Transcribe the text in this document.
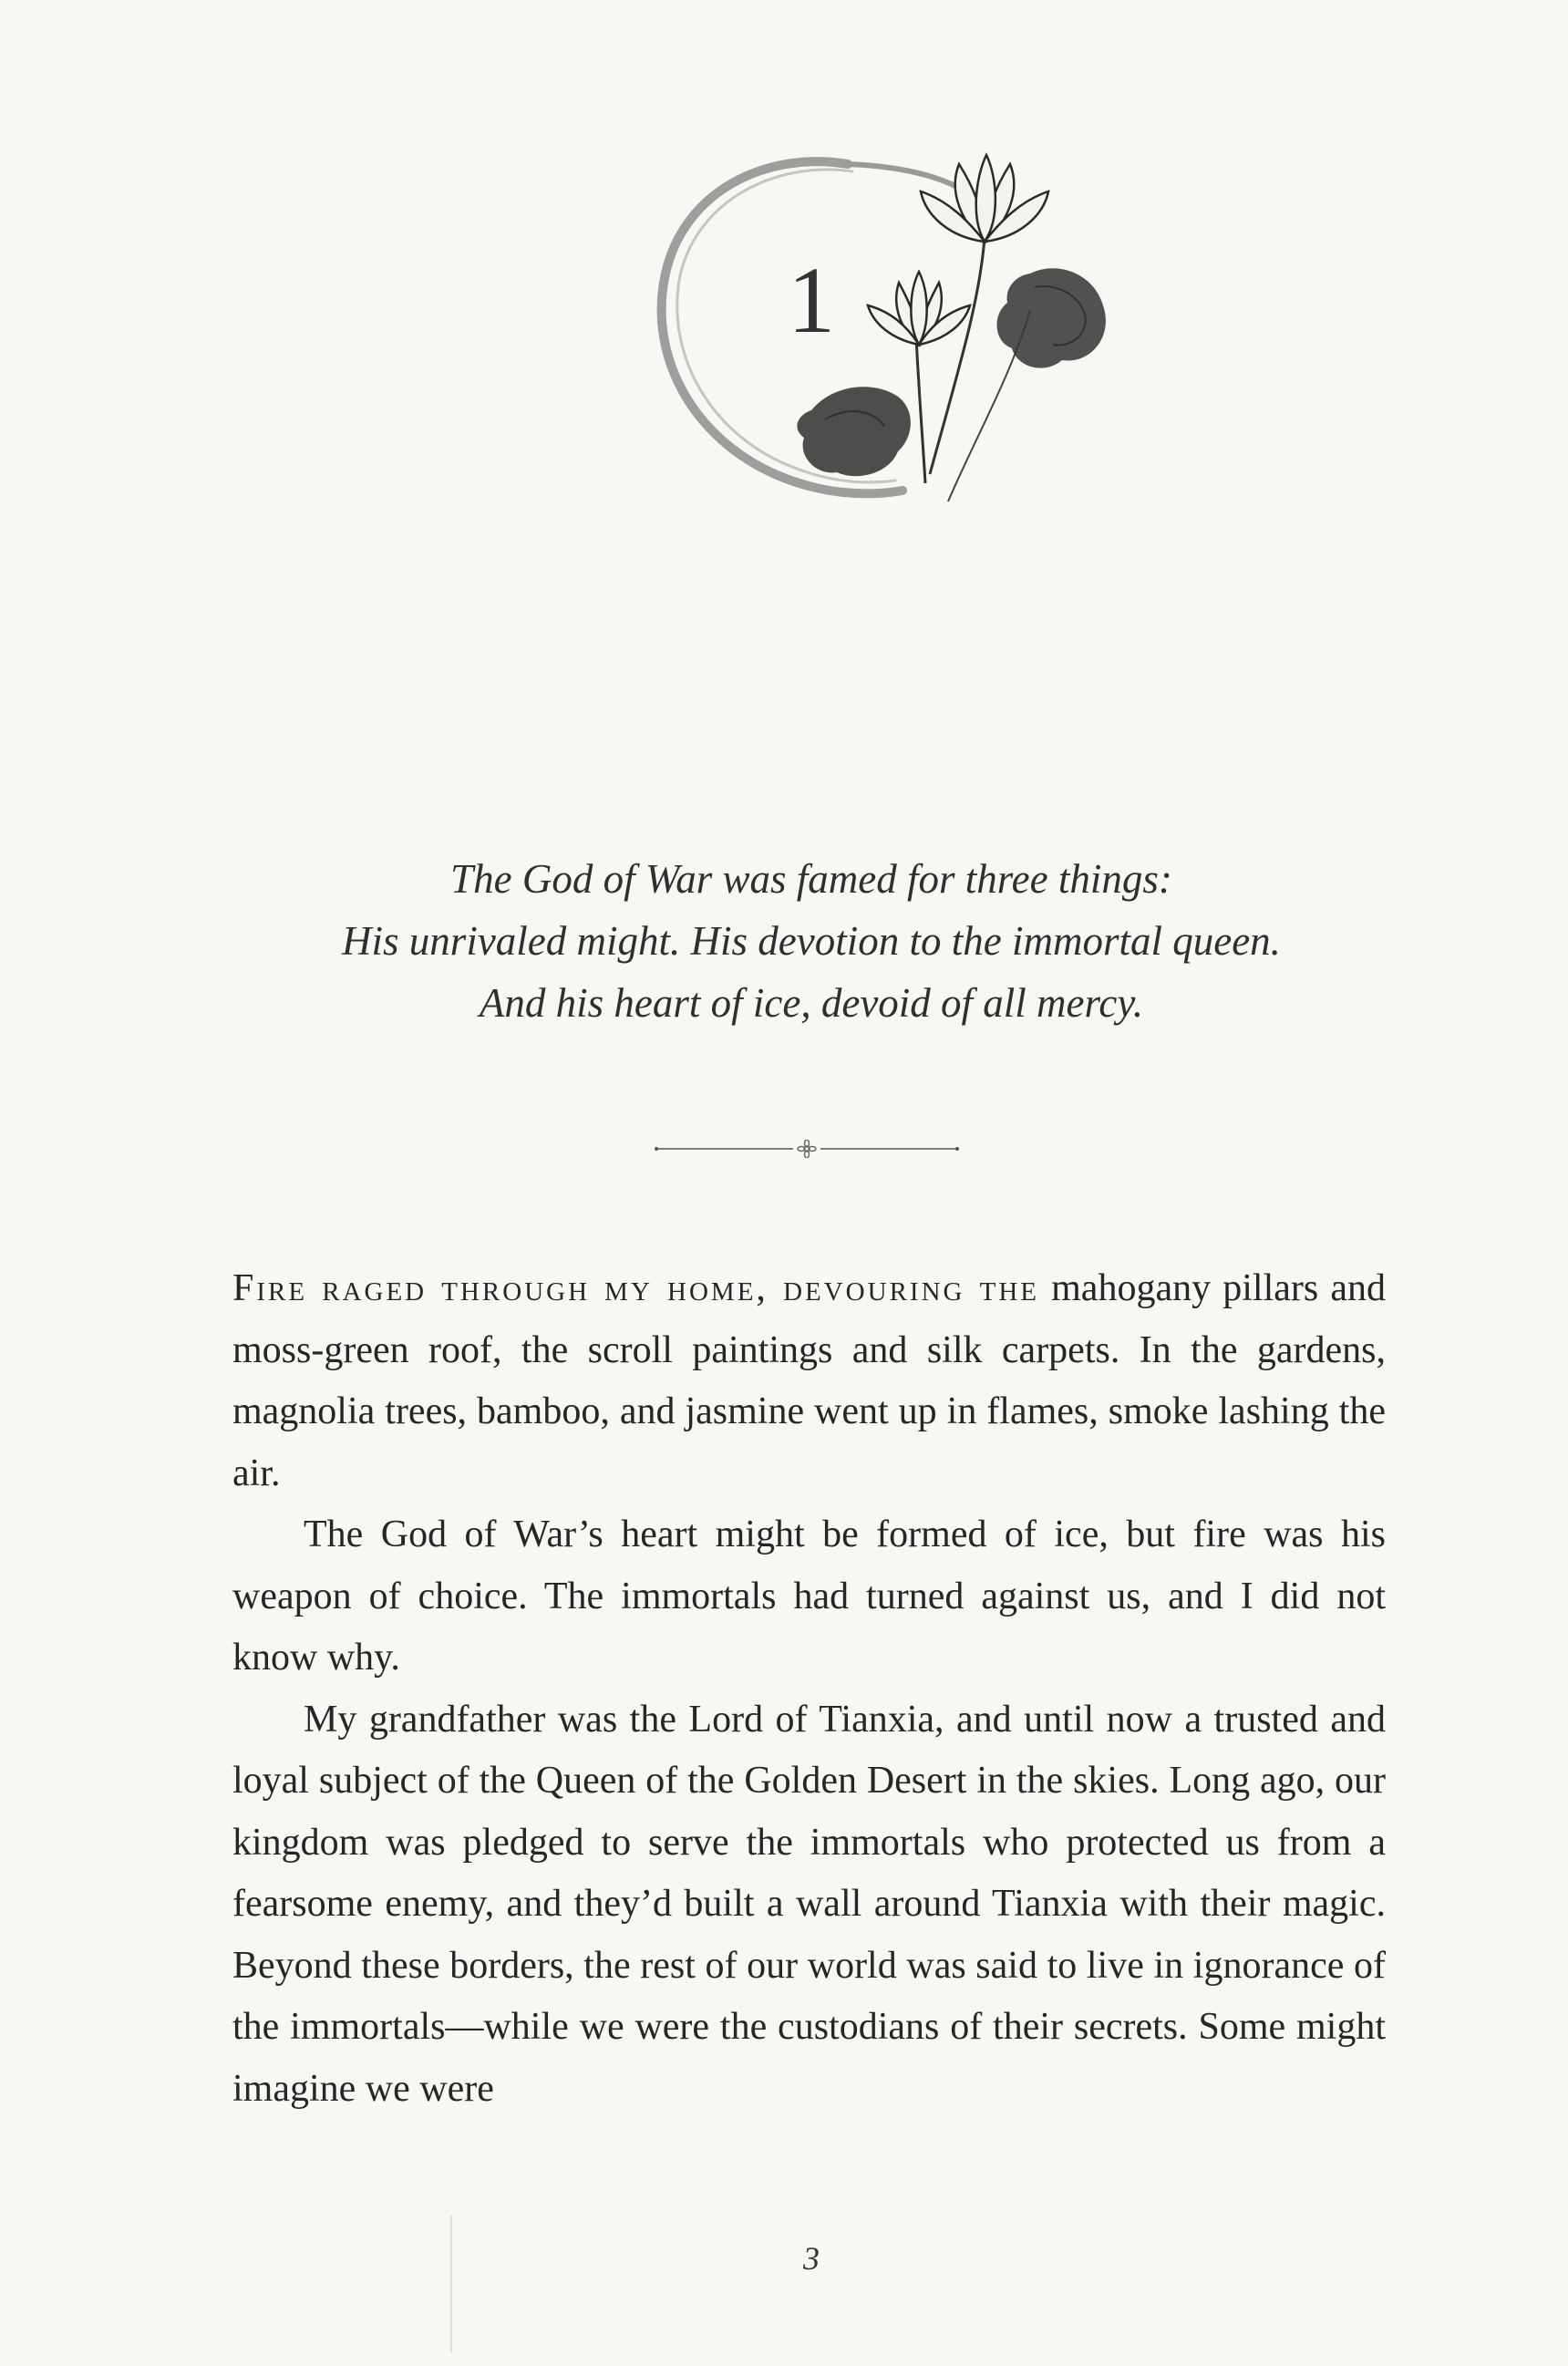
1
The God of War was famed for three things:
His unrivaled might. His devotion to the immortal queen.
And his heart of ice, devoid of all mercy.

Fire raged through my home, devouring the mahogany pillars and moss-green roof, the scroll paintings and silk carpets. In the gardens, magnolia trees, bamboo, and jasmine went up in flames, smoke lashing the air.

The God of War’s heart might be formed of ice, but fire was his weapon of choice. The immortals had turned against us, and I did not know why.

My grandfather was the Lord of Tianxia, and until now a trusted and loyal subject of the Queen of the Golden Desert in the skies. Long ago, our kingdom was pledged to serve the immortals who protected us from a fearsome enemy, and they’d built a wall around Tianxia with their magic. Beyond these borders, the rest of our world was said to live in ignorance of the immortals—while we were the custodians of their secrets. Some might imagine we were

3
